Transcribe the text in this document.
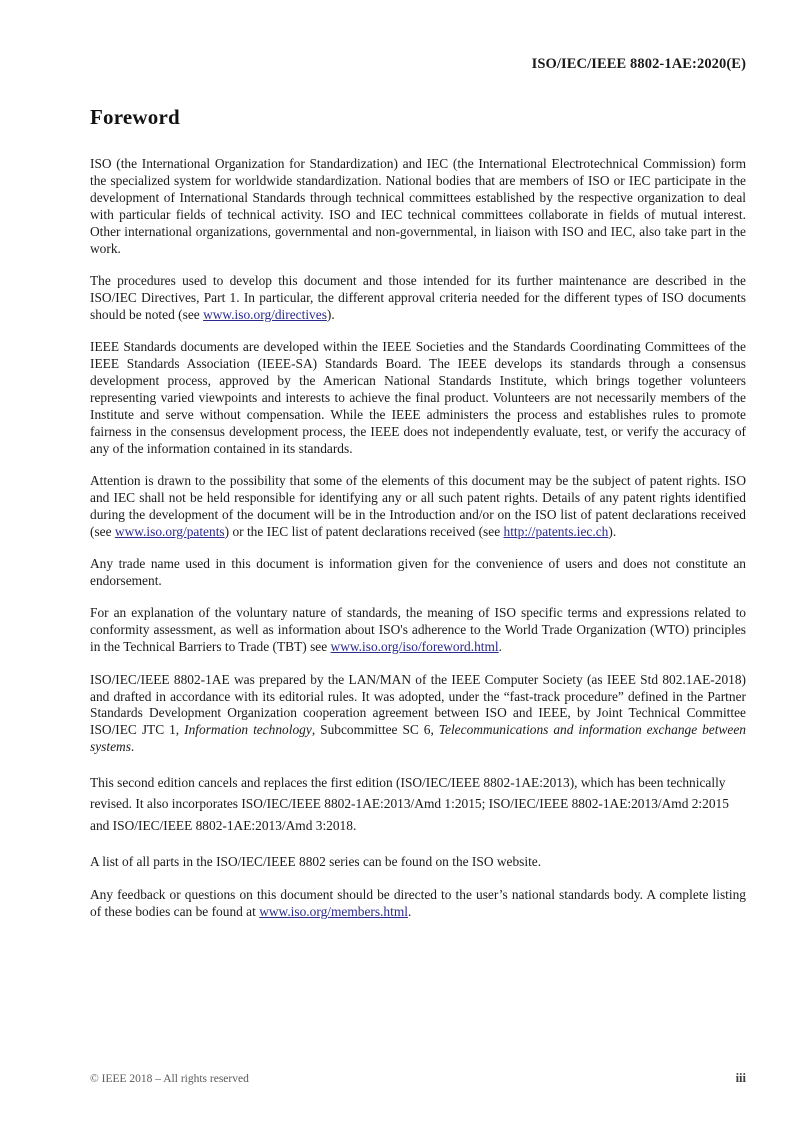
ISO/IEC/IEEE 8802-1AE:2020(E)
Foreword

ISO (the International Organization for Standardization) and IEC (the International Electrotechnical Commission) form the specialized system for worldwide standardization. National bodies that are members of ISO or IEC participate in the development of International Standards through technical committees established by the respective organization to deal with particular fields of technical activity. ISO and IEC technical committees collaborate in fields of mutual interest. Other international organizations, governmental and non-governmental, in liaison with ISO and IEC, also take part in the work.

The procedures used to develop this document and those intended for its further maintenance are described in the ISO/IEC Directives, Part 1. In particular, the different approval criteria needed for the different types of ISO documents should be noted (see www.iso.org/directives).

IEEE Standards documents are developed within the IEEE Societies and the Standards Coordinating Committees of the IEEE Standards Association (IEEE-SA) Standards Board. The IEEE develops its standards through a consensus development process, approved by the American National Standards Institute, which brings together volunteers representing varied viewpoints and interests to achieve the final product. Volunteers are not necessarily members of the Institute and serve without compensation. While the IEEE administers the process and establishes rules to promote fairness in the consensus development process, the IEEE does not independently evaluate, test, or verify the accuracy of any of the information contained in its standards.

Attention is drawn to the possibility that some of the elements of this document may be the subject of patent rights. ISO and IEC shall not be held responsible for identifying any or all such patent rights. Details of any patent rights identified during the development of the document will be in the Introduction and/or on the ISO list of patent declarations received (see www.iso.org/patents) or the IEC list of patent declarations received (see http://patents.iec.ch).

Any trade name used in this document is information given for the convenience of users and does not constitute an endorsement.

For an explanation of the voluntary nature of standards, the meaning of ISO specific terms and expressions related to conformity assessment, as well as information about ISO's adherence to the World Trade Organization (WTO) principles in the Technical Barriers to Trade (TBT) see www.iso.org/iso/foreword.html.

ISO/IEC/IEEE 8802-1AE was prepared by the LAN/MAN of the IEEE Computer Society (as IEEE Std 802.1AE-2018) and drafted in accordance with its editorial rules. It was adopted, under the “fast-track procedure” defined in the Partner Standards Development Organization cooperation agreement between ISO and IEEE, by Joint Technical Committee ISO/IEC JTC 1, Information technology, Subcommittee SC 6, Telecommunications and information exchange between systems.

This second edition cancels and replaces the first edition (ISO/IEC/IEEE 8802-1AE:2013), which has been technically revised. It also incorporates ISO/IEC/IEEE 8802-1AE:2013/Amd 1:2015; ISO/IEC/IEEE 8802-1AE:2013/Amd 2:2015 and ISO/IEC/IEEE 8802-1AE:2013/Amd 3:2018.

A list of all parts in the ISO/IEC/IEEE 8802 series can be found on the ISO website.

Any feedback or questions on this document should be directed to the user’s national standards body. A complete listing of these bodies can be found at www.iso.org/members.html.

© IEEE 2018 – All rights reserved	iii
